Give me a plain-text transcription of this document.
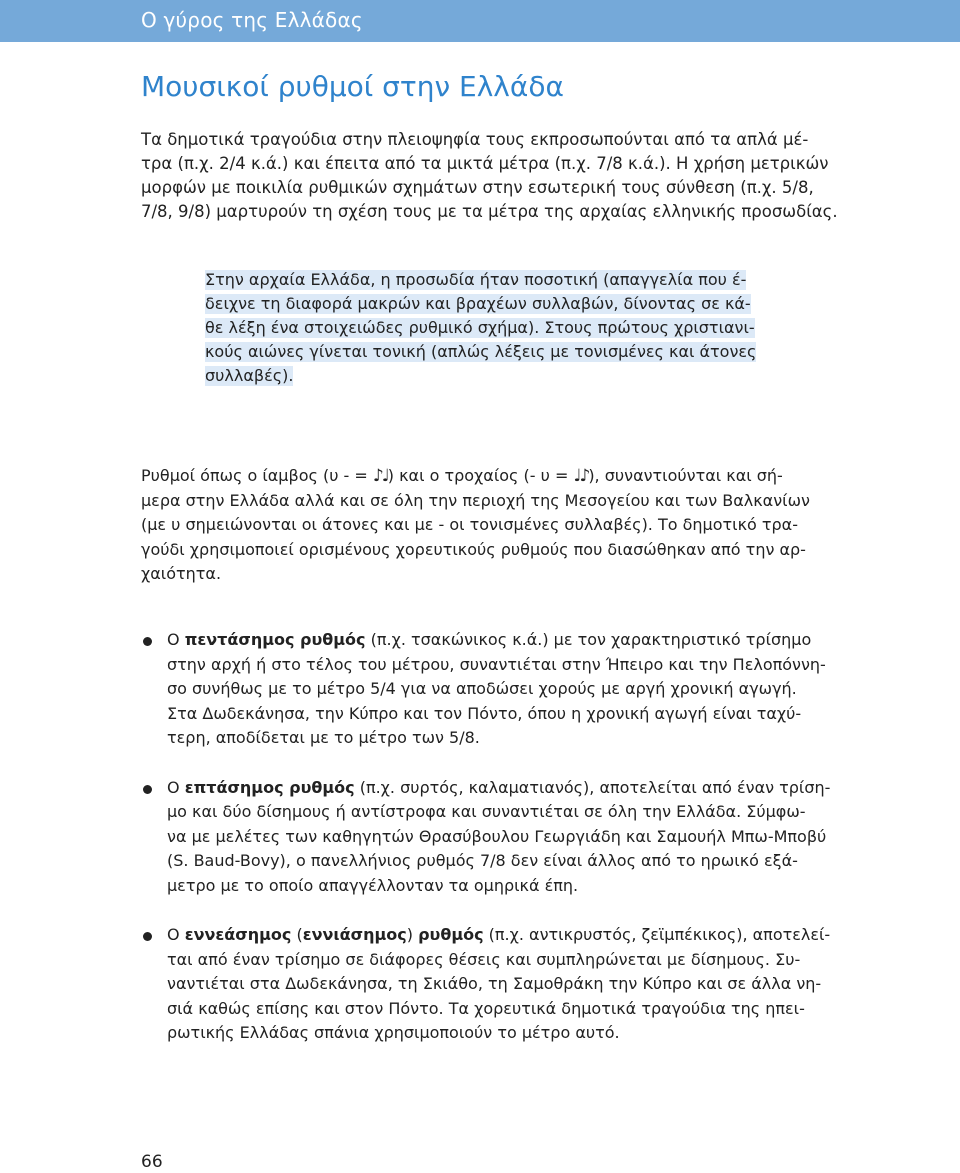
Ο γύρος της Ελλάδας
Μουσικοί ρυθμοί στην Ελλάδα

Τα δημοτικά τραγούδια στην πλειοψηφία τους εκπροσωπούνται από τα απλά μέ-
τρα (π.χ. 2/4 κ.ά.) και έπειτα από τα μικτά μέτρα (π.χ. 7/8 κ.ά.). Η χρήση μετρικών
μορφών με ποικιλία ρυθμικών σχημάτων στην εσωτερική τους σύνθεση (π.χ. 5/8,
7/8, 9/8) μαρτυρούν τη σχέση τους με τα μέτρα της αρχαίας ελληνικής προσωδίας.

Στην αρχαία Ελλάδα, η προσωδία ήταν ποσοτική (απαγγελία που έ-
δειχνε τη διαφορά μακρών και βραχέων συλλαβών, δίνοντας σε κά-
θε λέξη ένα στοιχειώδες ρυθμικό σχήμα). Στους πρώτους χριστιανι-
κούς αιώνες γίνεται τονική (απλώς λέξεις με τονισμένες και άτονες
συλλαβές).

Ρυθμοί όπως ο ίαμβος (υ - = ♪♩) και ο τροχαίος (- υ = ♩♪), συναντιούνται και σή-
μερα στην Ελλάδα αλλά και σε όλη την περιοχή της Μεσογείου και των Βαλκανίων
(με υ σημειώνονται οι άτονες και με - οι τονισμένες συλλαβές). Το δημοτικό τρα-
γούδι χρησιμοποιεί ορισμένους χορευτικούς ρυθμούς που διασώθηκαν από την αρ-
χαιότητα.

Ο πεντάσημος ρυθμός (π.χ. τσακώνικος κ.ά.) με τον χαρακτηριστικό τρίσημο
στην αρχή ή στο τέλος του μέτρου, συναντιέται στην Ήπειρο και την Πελοπόννη-
σο συνήθως με το μέτρο 5/4 για να αποδώσει χορούς με αργή χρονική αγωγή.
Στα Δωδεκάνησα, την Κύπρο και τον Πόντο, όπου η χρονική αγωγή είναι ταχύ-
τερη, αποδίδεται με το μέτρο των 5/8.
Ο επτάσημος ρυθμός (π.χ. συρτός, καλαματιανός), αποτελείται από έναν τρίση-
μο και δύο δίσημους ή αντίστροφα και συναντιέται σε όλη την Ελλάδα. Σύμφω-
να με μελέτες των καθηγητών Θρασύβουλου Γεωργιάδη και Σαμουήλ Μπω-Μποβύ
(S. Baud-Bovy), ο πανελλήνιος ρυθμός 7/8 δεν είναι άλλος από το ηρωικό εξά-
μετρο με το οποίο απαγγέλλονταν τα ομηρικά έπη.
Ο εννεάσημος (εννιάσημος) ρυθμός (π.χ. αντικρυστός, ζεϊμπέκικος), αποτελεί-
ται από έναν τρίσημο σε διάφορες θέσεις και συμπληρώνεται με δίσημους. Συ-
ναντιέται στα Δωδεκάνησα, τη Σκιάθο, τη Σαμοθράκη την Κύπρο και σε άλλα νη-
σιά καθώς επίσης και στον Πόντο. Τα χορευτικά δημοτικά τραγούδια της ηπει-
ρωτικής Ελλάδας σπάνια χρησιμοποιούν το μέτρο αυτό.
66
